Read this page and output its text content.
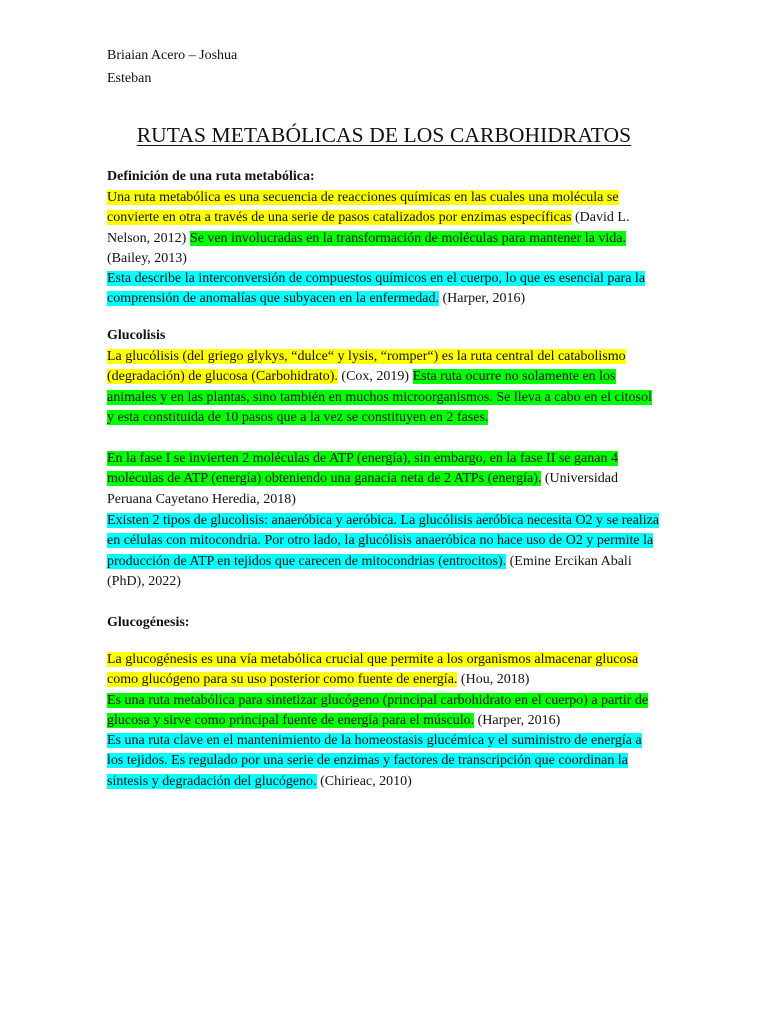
Briaian Acero – Joshua
Esteban
RUTAS METABÓLICAS DE LOS CARBOHIDRATOS
Definición de una ruta metabólica:

Una ruta metabólica es una secuencia de reacciones químicas en las cuales una molécula se convierte en otra a través de una serie de pasos catalizados por enzimas específicas (David L. Nelson, 2012) Se ven involucradas en la transformación de moléculas para mantener la vida. (Bailey, 2013)

Esta describe la interconversión de compuestos químicos en el cuerpo, lo que es esencial para la comprensión de anomalías que subyacen en la enfermedad. (Harper, 2016)

Glucolisis

La glucólisis (del griego glykys, “dulce“ y lysis, “romper“) es la ruta central del catabolismo (degradación) de glucosa (Carbohidrato). (Cox, 2019) Esta ruta ocurre no solamente en los animales y en las plantas, sino también en muchos microorganismos. Se lleva a cabo en el citosol y esta constituida de 10 pasos que a la vez se constituyen en 2 fases.

En la fase I se invierten 2 moléculas de ATP (energía), sin embargo, en la fase II se ganan 4 moléculas de ATP (energía) obteniendo una ganacia neta de 2 ATPs (energía). (Universidad Peruana Cayetano Heredia, 2018)

Existen 2 tipos de glucolisis: anaeróbica y aeróbica. La glucólisis aeróbica necesita O2 y se realiza en células con mitocondria. Por otro lado, la glucólisis anaeróbica no hace uso de O2 y permite la producción de ATP en tejidos que carecen de mitocondrias (entrocitos). (Emine Ercikan Abali (PhD), 2022)

Glucogénesis:

La glucogénesis es una vía metabólica crucial que permite a los organismos almacenar glucosa como glucógeno para su uso posterior como fuente de energía. (Hou, 2018)

Es una ruta metabólica para sintetizar glucógeno (principal carbohidrato en el cuerpo) a partir de glucosa y sirve como principal fuente de energía para el músculo. (Harper, 2016)

Es una ruta clave en el mantenimiento de la homeostasis glucémica y el suministro de energía a los tejidos. Es regulado por una serie de enzimas y factores de transcripción que coordinan la síntesis y degradación del glucógeno. (Chirieac, 2010)
